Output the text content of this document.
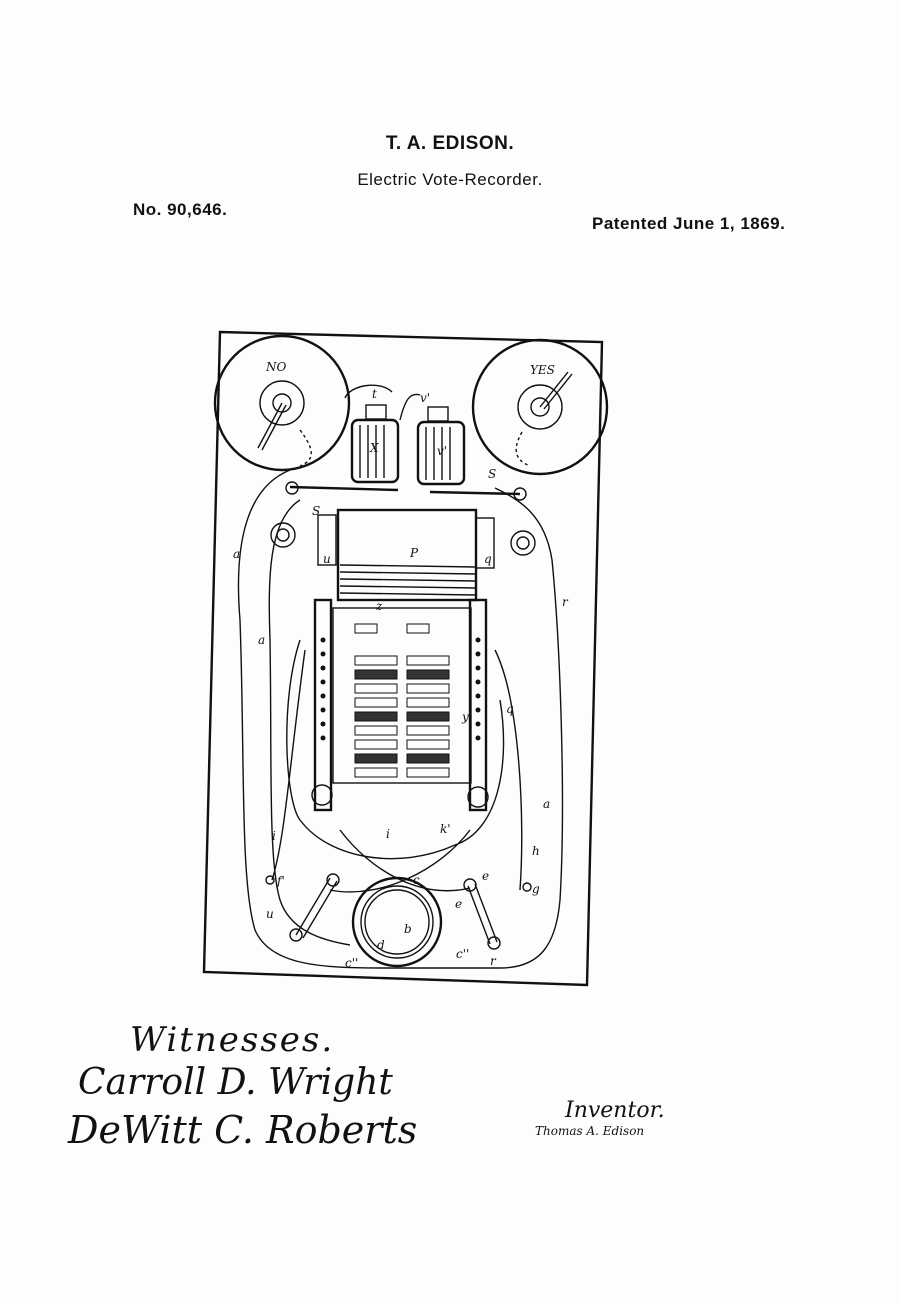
T. A. EDISON.
Electric Vote-Recorder.
No. 90,646.
Patented June 1, 1869.
NO	YES
P
a
a
a
r
h
g
f'
i	i	k'
u
c
b
d
c''
c'' r
e
e
S
S
z
y
X	v'
v'
t
u	q
q
Witnesses.
Carroll D. Wright
DeWitt C. Roberts	Inventor.
Thomas A. Edison
